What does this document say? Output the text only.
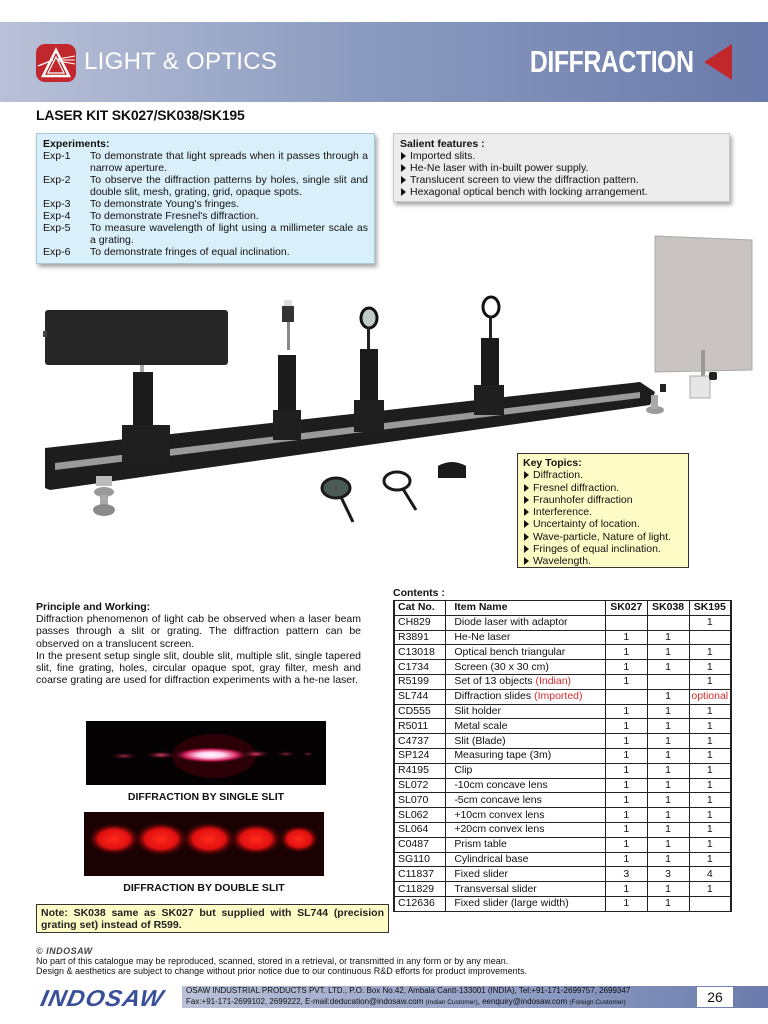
LIGHT & OPTICS	DIFFRACTION
LASER KIT SK027/SK038/SK195
Experiments:
Exp-1	To demonstrate that light spreads when it passes through a narrow aperture.
Exp-2	To observe the diffraction patterns by holes, single slit and double slit, mesh, grating, grid, opaque spots.
Exp-3	To demonstrate Young's fringes.
Exp-4	To demonstrate Fresnel's diffraction.
Exp-5	To measure wavelength of light using a millimeter scale as a grating.
Exp-6	To demonstrate fringes of equal inclination.
Salient features :
Imported slits.
He-Ne laser with in-built power supply.
Translucent screen to view the diffraction pattern.
Hexagonal optical bench with locking arrangement.
Key Topics:
Diffraction.
Fresnel diffraction.
Fraunhofer diffraction
Interference.
Uncertainty of location.
Wave-particle, Nature of light.
Fringes of equal inclination.
Wavelength.
Principle and Working:

Diffraction phenomenon of light cab be observed when a laser beam passes through a slit or grating. The diffraction pattern can be observed on a translucent screen.

In the present setup single slit, double slit, multiple slit, single tapered slit, fine grating, holes, circular opaque spot, gray filter, mesh and coarse grating are used for diffraction experiments with a he-ne laser.

DIFFRACTION BY SINGLE SLIT
DIFFRACTION BY DOUBLE SLIT
Note: SK038 same as SK027 but supplied with SL744 (precision grating set) instead of R599.
Contents :
Cat No.	Item Name	SK027	SK038	SK195
CH829	Diode laser with adaptor			1
R3891	He-Ne laser	1	1	
C13018	Optical bench triangular	1	1	1
C1734	Screen (30 x 30 cm)	1	1	1
R5199	Set of 13 objects (Indian)	1		1
SL744	Diffraction slides (Imported)		1	optional
CD555	Slit holder	1	1	1
R5011	Metal scale	1	1	1
C4737	Slit (Blade)	1	1	1
SP124	Measuring tape (3m)	1	1	1
R4195	Clip	1	1	1
SL072	-10cm concave lens	1	1	1
SL070	-5cm concave lens	1	1	1
SL062	+10cm convex lens	1	1	1
SL064	+20cm convex lens	1	1	1
C0487	Prism table	1	1	1
SG110	Cylindrical base	1	1	1
C11837	Fixed slider	3	3	4
C11829	Transversal slider	1	1	1
C12636	Fixed slider (large width)	1	1	
© INDOSAW
No part of this catalogue may be reproduced, scanned, stored in a retrieval, or transmitted in any form or by any mean.
Design & aesthetics are subject to change without prior notice due to our continuous R&D efforts for product improvements.
INDOSAW OSAW INDUSTRIAL PRODUCTS PVT. LTD., P.O. Box No.42, Ambala Cantt-133001 (INDIA), Tel:+91-171-2699757, 2699347
Fax:+91-171-2699102, 2699222, E-mail:deducation@indosaw.com (Indian Customer), eenquiry@indosaw.com (Foreign Customer)	26
